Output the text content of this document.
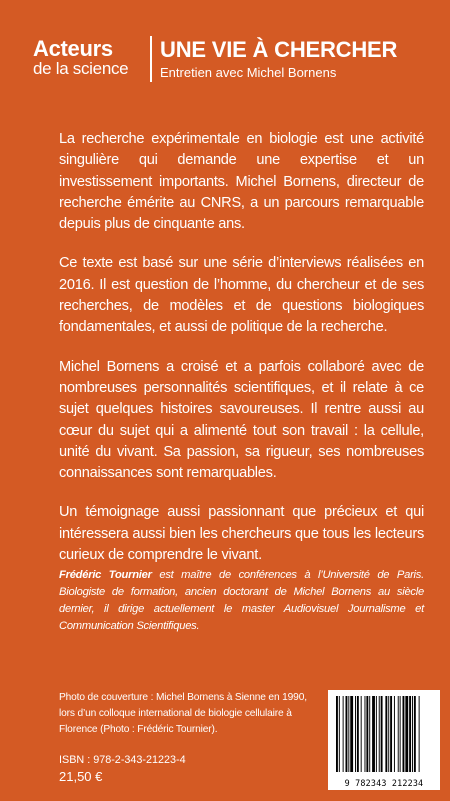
Acteurs
de la science
UNE VIE À CHERCHER
Entretien avec Michel Bornens

La recherche expérimentale en biologie est une activité singulière qui demande une expertise et un investissement importants. Michel Bornens, directeur de recherche émérite au CNRS, a un parcours remarquable depuis plus de cinquante ans.

Ce texte est basé sur une série d’interviews réalisées en 2016. Il est question de l’homme, du chercheur et de ses recherches, de modèles et de questions biologiques fondamentales, et aussi de politique de la recherche.

Michel Bornens a croisé et a parfois collaboré avec de nombreuses personnalités scientifiques, et il relate à ce sujet quelques histoires savoureuses. Il rentre aussi au cœur du sujet qui a alimenté tout son travail : la cellule, unité du vivant. Sa passion, sa rigueur, ses nombreuses connaissances sont remarquables.

Un témoignage aussi passionnant que précieux et qui intéressera aussi bien les chercheurs que tous les lecteurs curieux de comprendre le vivant.

Frédéric Tournier est maître de conférences à l’Université de Paris. Biologiste de formation, ancien doctorant de Michel Bornens au siècle dernier, il dirige actuellement le master Audiovisuel Journalisme et Communication Scientifiques.
Photo de couverture : Michel Bornens à Sienne en 1990, lors d’un colloque international de biologie cellulaire à Florence (Photo : Frédéric Tournier).
ISBN : 978-2-343-21223-4
21,50 €	9 782343 212234
